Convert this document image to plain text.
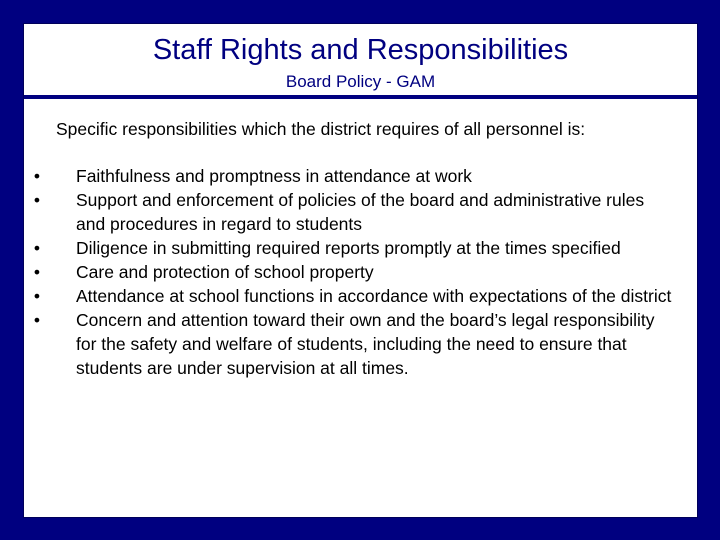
Staff Rights and Responsibilities
Board Policy - GAM
Specific responsibilities which the district requires of all personnel is:
• Faithfulness and promptness in attendance at work
• Support and enforcement of policies of the board and administrative rules and procedures in regard to students
• Diligence in submitting required reports promptly at the times specified
• Care and protection of school property
• Attendance at school functions in accordance with expectations of the district
• Concern and attention toward their own and the board’s legal responsibility for the safety and welfare of students, including the need to ensure that students are under supervision at all times.
